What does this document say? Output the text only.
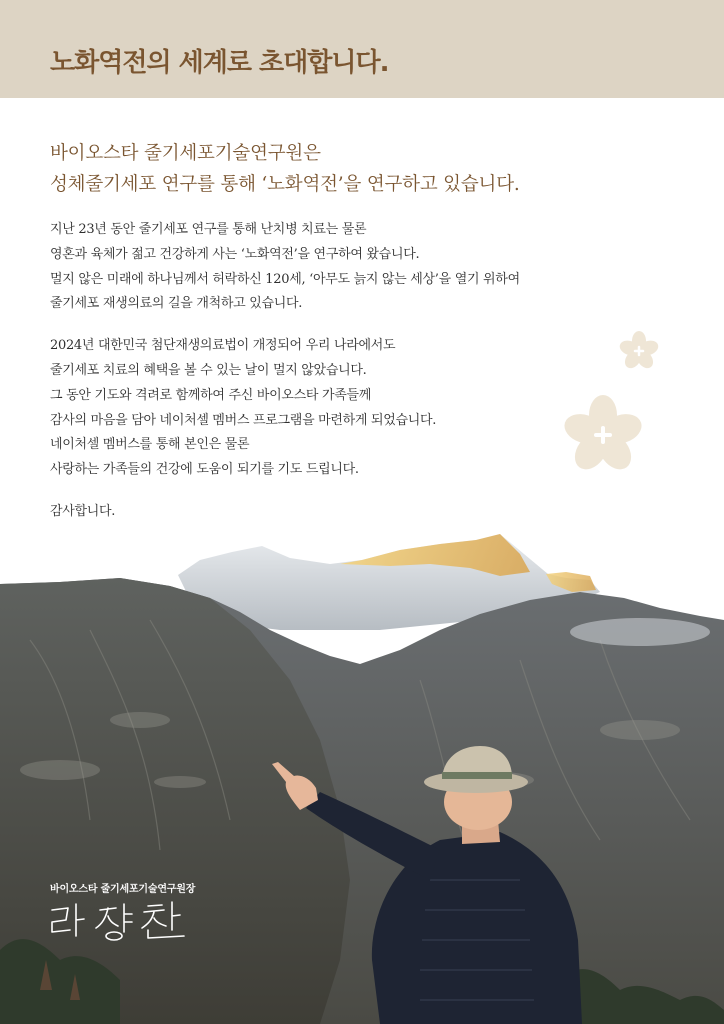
노화역전의 세계로 초대합니다.
바이오스타 줄기세포기술연구원은
성체줄기세포 연구를 통해 ‘노화역전’을 연구하고 있습니다.
지난 23년 동안 줄기세포 연구를 통해 난치병 치료는 물론
영혼과 육체가 젊고 건강하게 사는 ‘노화역전’을 연구하여 왔습니다.
멀지 않은 미래에 하나님께서 허락하신 120세, ‘아무도 늙지 않는 세상’을 열기 위하여
줄기세포 재생의료의 길을 개척하고 있습니다.
2024년 대한민국 첨단재생의료법이 개정되어 우리 나라에서도
줄기세포 치료의 혜택을 볼 수 있는 날이 멀지 않았습니다.
그 동안 기도와 격려로 함께하여 주신 바이오스타 가족들께
감사의 마음을 담아 네이처셀 멤버스 프로그램을 마련하게 되었습니다.
네이처셀 멤버스를 통해 본인은 물론
사랑하는 가족들의 건강에 도움이 되기를 기도 드립니다.
감사합니다.
바이오스타 줄기세포기술연구원장
